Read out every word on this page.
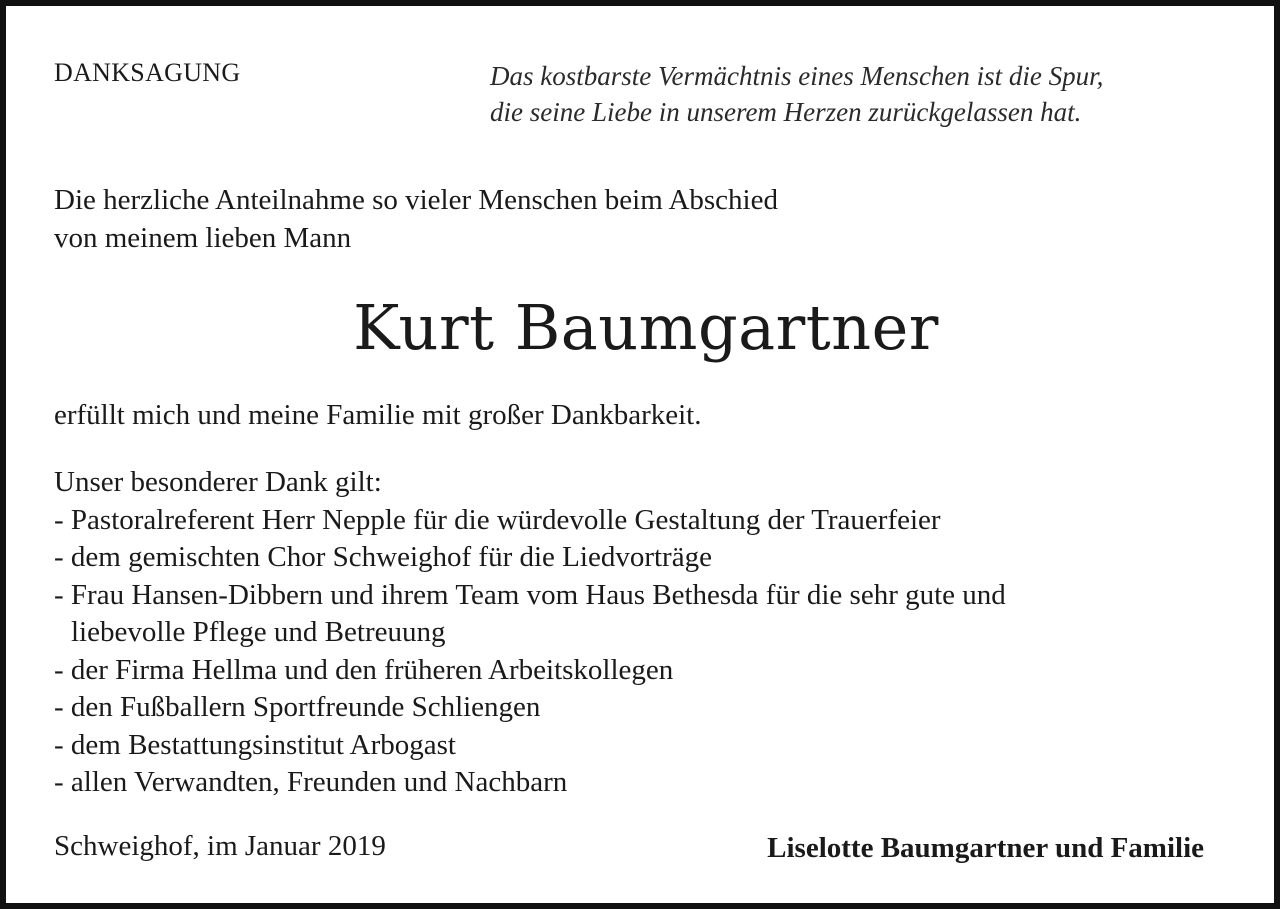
DANKSAGUNG	Das kostbarste Vermächtnis eines Menschen ist die Spur,
die seine Liebe in unserem Herzen zurückgelassen hat.
Die herzliche Anteilnahme so vieler Menschen beim Abschied
von meinem lieben Mann
Kurt Baumgartner
erfüllt mich und meine Familie mit großer Dankbarkeit.
Unser besonderer Dank gilt:
- Pastoralreferent Herr Nepple für die würdevolle Gestaltung der Trauerfeier
- dem gemischten Chor Schweighof für die Liedvorträge
- Frau Hansen-Dibbern und ihrem Team vom Haus Bethesda für die sehr gute und
liebevolle Pflege und Betreuung
- der Firma Hellma und den früheren Arbeitskollegen
- den Fußballern Sportfreunde Schliengen
- dem Bestattungsinstitut Arbogast
- allen Verwandten, Freunden und Nachbarn
Schweighof, im Januar 2019	Liselotte Baumgartner und Familie
